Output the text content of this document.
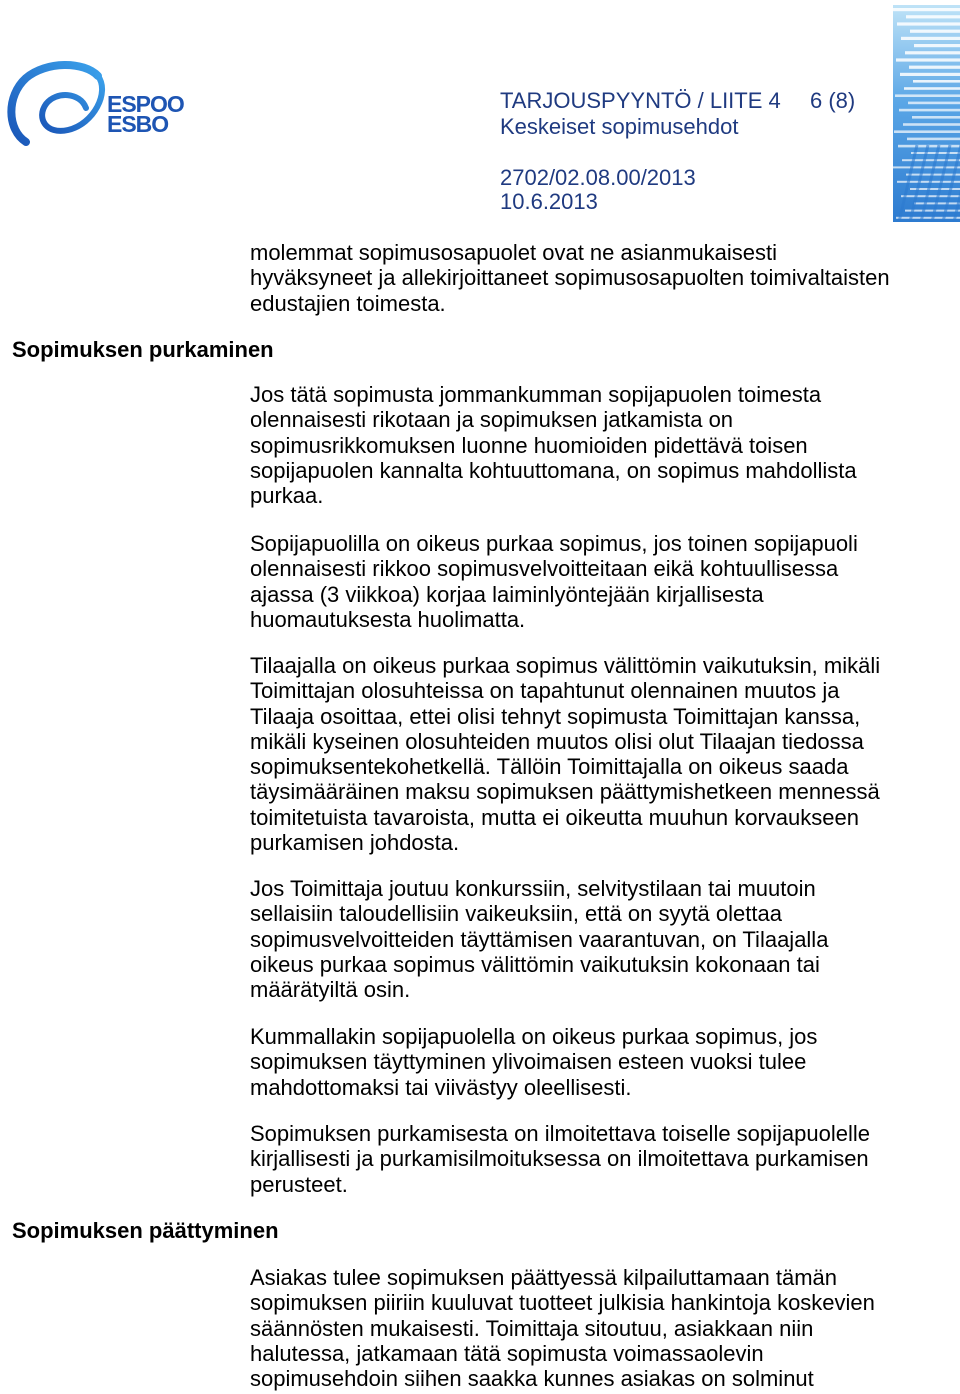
ESPOO
ESBO
TARJOUSPYYNTÖ / LIITE 4 6 (8)
Keskeiset sopimusehdot
2702/02.08.00/2013
10.6.2013
molemmat sopimusosapuolet ovat ne asianmukaisesti
hyväksyneet ja allekirjoittaneet sopimusosapuolten toimivaltaisten
edustajien toimesta.
Sopimuksen purkaminen
Jos tätä sopimusta jommankumman sopijapuolen toimesta
olennaisesti rikotaan ja sopimuksen jatkamista on
sopimusrikkomuksen luonne huomioiden pidettävä toisen
sopijapuolen kannalta kohtuuttomana, on sopimus mahdollista
purkaa.
Sopijapuolilla on oikeus purkaa sopimus, jos toinen sopijapuoli
olennaisesti rikkoo sopimusvelvoitteitaan eikä kohtuullisessa
ajassa (3 viikkoa) korjaa laiminlyöntejään kirjallisesta
huomautuksesta huolimatta.
Tilaajalla on oikeus purkaa sopimus välittömin vaikutuksin, mikäli
Toimittajan olosuhteissa on tapahtunut olennainen muutos ja
Tilaaja osoittaa, ettei olisi tehnyt sopimusta Toimittajan kanssa,
mikäli kyseinen olosuhteiden muutos olisi olut Tilaajan tiedossa
sopimuksentekohetkellä. Tällöin Toimittajalla on oikeus saada
täysimääräinen maksu sopimuksen päättymishetkeen mennessä
toimitetuista tavaroista, mutta ei oikeutta muuhun korvaukseen
purkamisen johdosta.
Jos Toimittaja joutuu konkurssiin, selvitystilaan tai muutoin
sellaisiin taloudellisiin vaikeuksiin, että on syytä olettaa
sopimusvelvoitteiden täyttämisen vaarantuvan, on Tilaajalla
oikeus purkaa sopimus välittömin vaikutuksin kokonaan tai
määrätyiltä osin.
Kummallakin sopijapuolella on oikeus purkaa sopimus, jos
sopimuksen täyttyminen ylivoimaisen esteen vuoksi tulee
mahdottomaksi tai viivästyy oleellisesti.
Sopimuksen purkamisesta on ilmoitettava toiselle sopijapuolelle
kirjallisesti ja purkamisilmoituksessa on ilmoitettava purkamisen
perusteet.
Sopimuksen päättyminen
Asiakas tulee sopimuksen päättyessä kilpailuttamaan tämän
sopimuksen piiriin kuuluvat tuotteet julkisia hankintoja koskevien
säännösten mukaisesti. Toimittaja sitoutuu, asiakkaan niin
halutessa, jatkamaan tätä sopimusta voimassaolevin
sopimusehdoin siihen saakka kunnes asiakas on solminut
